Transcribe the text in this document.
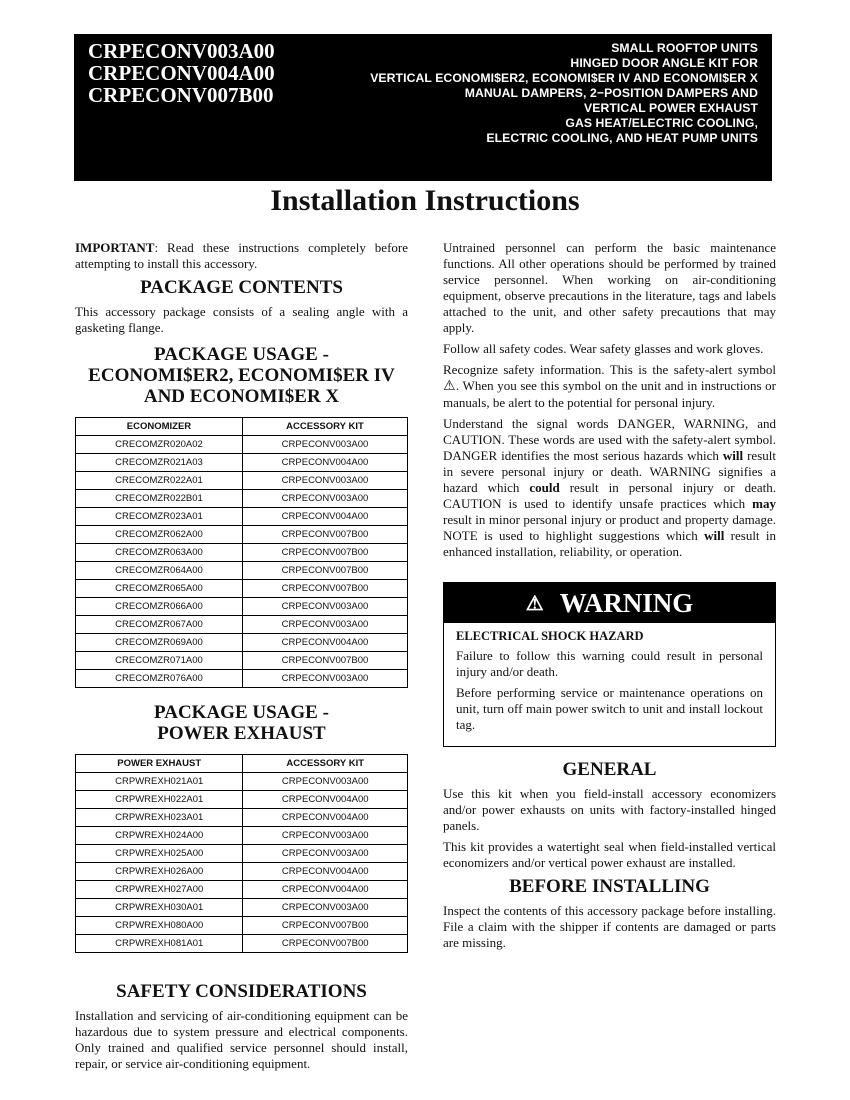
CRPECONV003A00
CRPECONV004A00
CRPECONV007B00
SMALL ROOFTOP UNITS
HINGED DOOR ANGLE KIT FOR
VERTICAL ECONOMI$ER2, ECONOMI$ER IV AND ECONOMI$ER X
MANUAL DAMPERS, 2−POSITION DAMPERS AND
VERTICAL POWER EXHAUST
GAS HEAT/ELECTRIC COOLING,
ELECTRIC COOLING, AND HEAT PUMP UNITS
Installation Instructions

IMPORTANT: Read these instructions completely before attempting to install this accessory.

PACKAGE CONTENTS

This accessory package consists of a sealing angle with a gasketing flange.

PACKAGE USAGE -
ECONOMI$ER2, ECONOMI$ER IV
AND ECONOMI$ER X
ECONOMIZER	ACCESSORY KIT
CRECOMZR020A02	CRPECONV003A00
CRECOMZR021A03	CRPECONV004A00
CRECOMZR022A01	CRPECONV003A00
CRECOMZR022B01	CRPECONV003A00
CRECOMZR023A01	CRPECONV004A00
CRECOMZR062A00	CRPECONV007B00
CRECOMZR063A00	CRPECONV007B00
CRECOMZR064A00	CRPECONV007B00
CRECOMZR065A00	CRPECONV007B00
CRECOMZR066A00	CRPECONV003A00
CRECOMZR067A00	CRPECONV003A00
CRECOMZR069A00	CRPECONV004A00
CRECOMZR071A00	CRPECONV007B00
CRECOMZR076A00	CRPECONV003A00
PACKAGE USAGE -
POWER EXHAUST
POWER EXHAUST	ACCESSORY KIT
CRPWREXH021A01	CRPECONV003A00
CRPWREXH022A01	CRPECONV004A00
CRPWREXH023A01	CRPECONV004A00
CRPWREXH024A00	CRPECONV003A00
CRPWREXH025A00	CRPECONV003A00
CRPWREXH026A00	CRPECONV004A00
CRPWREXH027A00	CRPECONV004A00
CRPWREXH030A01	CRPECONV003A00
CRPWREXH080A00	CRPECONV007B00
CRPWREXH081A01	CRPECONV007B00
SAFETY CONSIDERATIONS

Installation and servicing of air-conditioning equipment can be hazardous due to system pressure and electrical components. Only trained and qualified service personnel should install, repair, or service air-conditioning equipment.

Untrained personnel can perform the basic maintenance functions. All other operations should be performed by trained service personnel. When working on air-conditioning equipment, observe precautions in the literature, tags and labels attached to the unit, and other safety precautions that may apply.

Follow all safety codes. Wear safety glasses and work gloves.

Recognize safety information. This is the safety-alert symbol ⚠. When you see this symbol on the unit and in instructions or manuals, be alert to the potential for personal injury.

Understand the signal words DANGER, WARNING, and CAUTION. These words are used with the safety-alert symbol. DANGER identifies the most serious hazards which will result in severe personal injury or death. WARNING signifies a hazard which could result in personal injury or death. CAUTION is used to identify unsafe practices which may result in minor personal injury or product and property damage. NOTE is used to highlight suggestions which will result in enhanced installation, reliability, or operation.

⚠ WARNING
ELECTRICAL SHOCK HAZARD

Failure to follow this warning could result in personal injury and/or death.

Before performing service or maintenance operations on unit, turn off main power switch to unit and install lockout tag.

GENERAL

Use this kit when you field-install accessory economizers and/or power exhausts on units with factory-installed hinged panels.

This kit provides a watertight seal when field-installed vertical economizers and/or vertical power exhaust are installed.

BEFORE INSTALLING

Inspect the contents of this accessory package before installing. File a claim with the shipper if contents are damaged or parts are missing.
